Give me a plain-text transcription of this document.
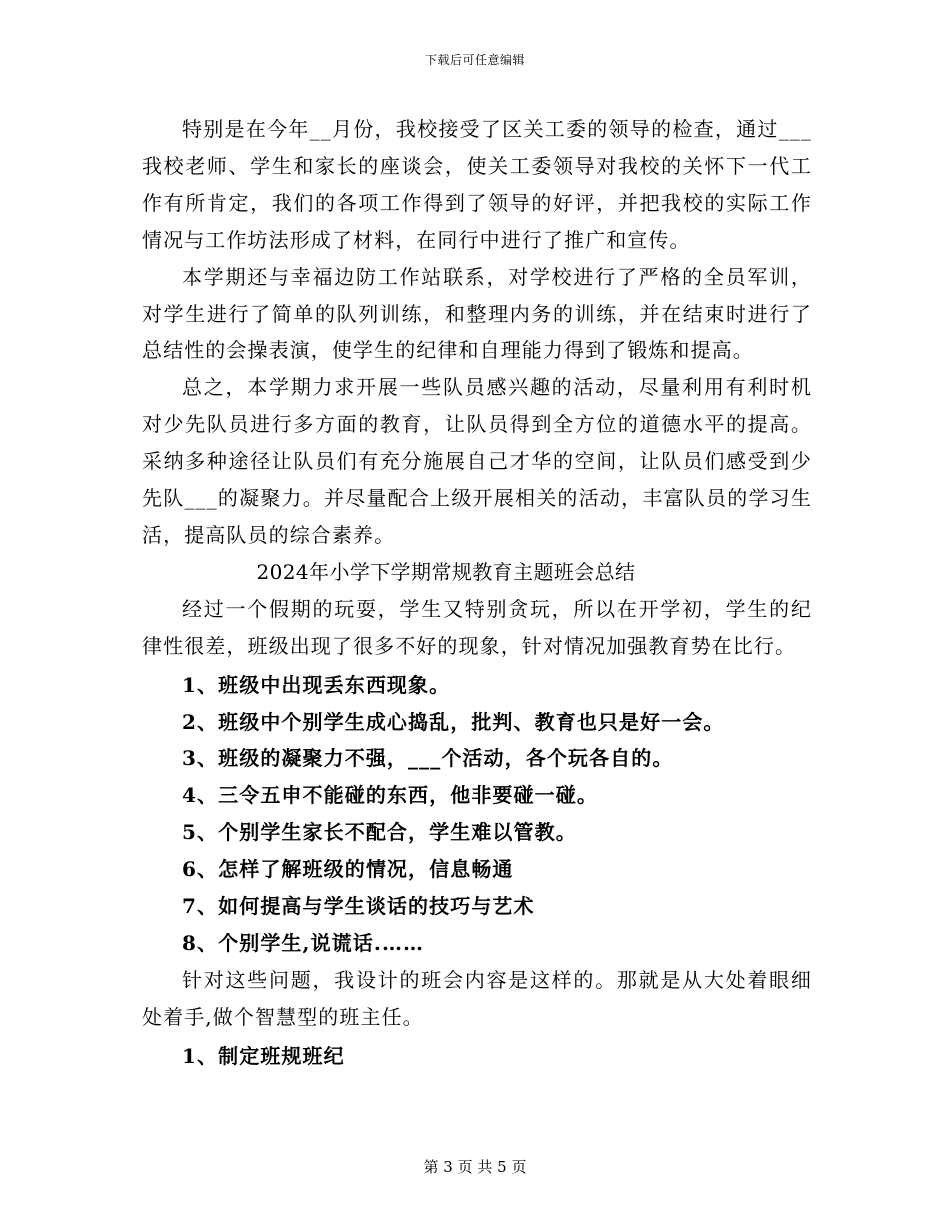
下载后可任意编辑

特别是在今年__月份，我校接受了区关工委的领导的检查，通过___我校老师、学生和家长的座谈会，使关工委领导对我校的关怀下一代工作有所肯定，我们的各项工作得到了领导的好评，并把我校的实际工作情况与工作坊法形成了材料，在同行中进行了推广和宣传。

本学期还与幸福边防工作站联系，对学校进行了严格的全员军训，对学生进行了简单的队列训练，和整理内务的训练，并在结束时进行了总结性的会操表演，使学生的纪律和自理能力得到了锻炼和提高。

总之，本学期力求开展一些队员感兴趣的活动，尽量利用有利时机对少先队员进行多方面的教育，让队员得到全方位的道德水平的提高。采纳多种途径让队员们有充分施展自己才华的空间，让队员们感受到少先队___的凝聚力。并尽量配合上级开展相关的活动，丰富队员的学习生活，提高队员的综合素养。

2024年小学下学期常规教育主题班会总结

经过一个假期的玩耍，学生又特别贪玩，所以在开学初，学生的纪律性很差，班级出现了很多不好的现象，针对情况加强教育势在比行。

1、班级中出现丢东西现象。

2、班级中个别学生成心捣乱，批判、教育也只是好一会。

3、班级的凝聚力不强，___个活动，各个玩各自的。

4、三令五申不能碰的东西，他非要碰一碰。

5、个别学生家长不配合，学生难以管教。

6、怎样了解班级的情况，信息畅通

7、如何提高与学生谈话的技巧与艺术

8、个别学生,说谎话.……

针对这些问题，我设计的班会内容是这样的。那就是从大处着眼细处着手,做个智慧型的班主任。

1、制定班规班纪

第 3 页 共 5 页
